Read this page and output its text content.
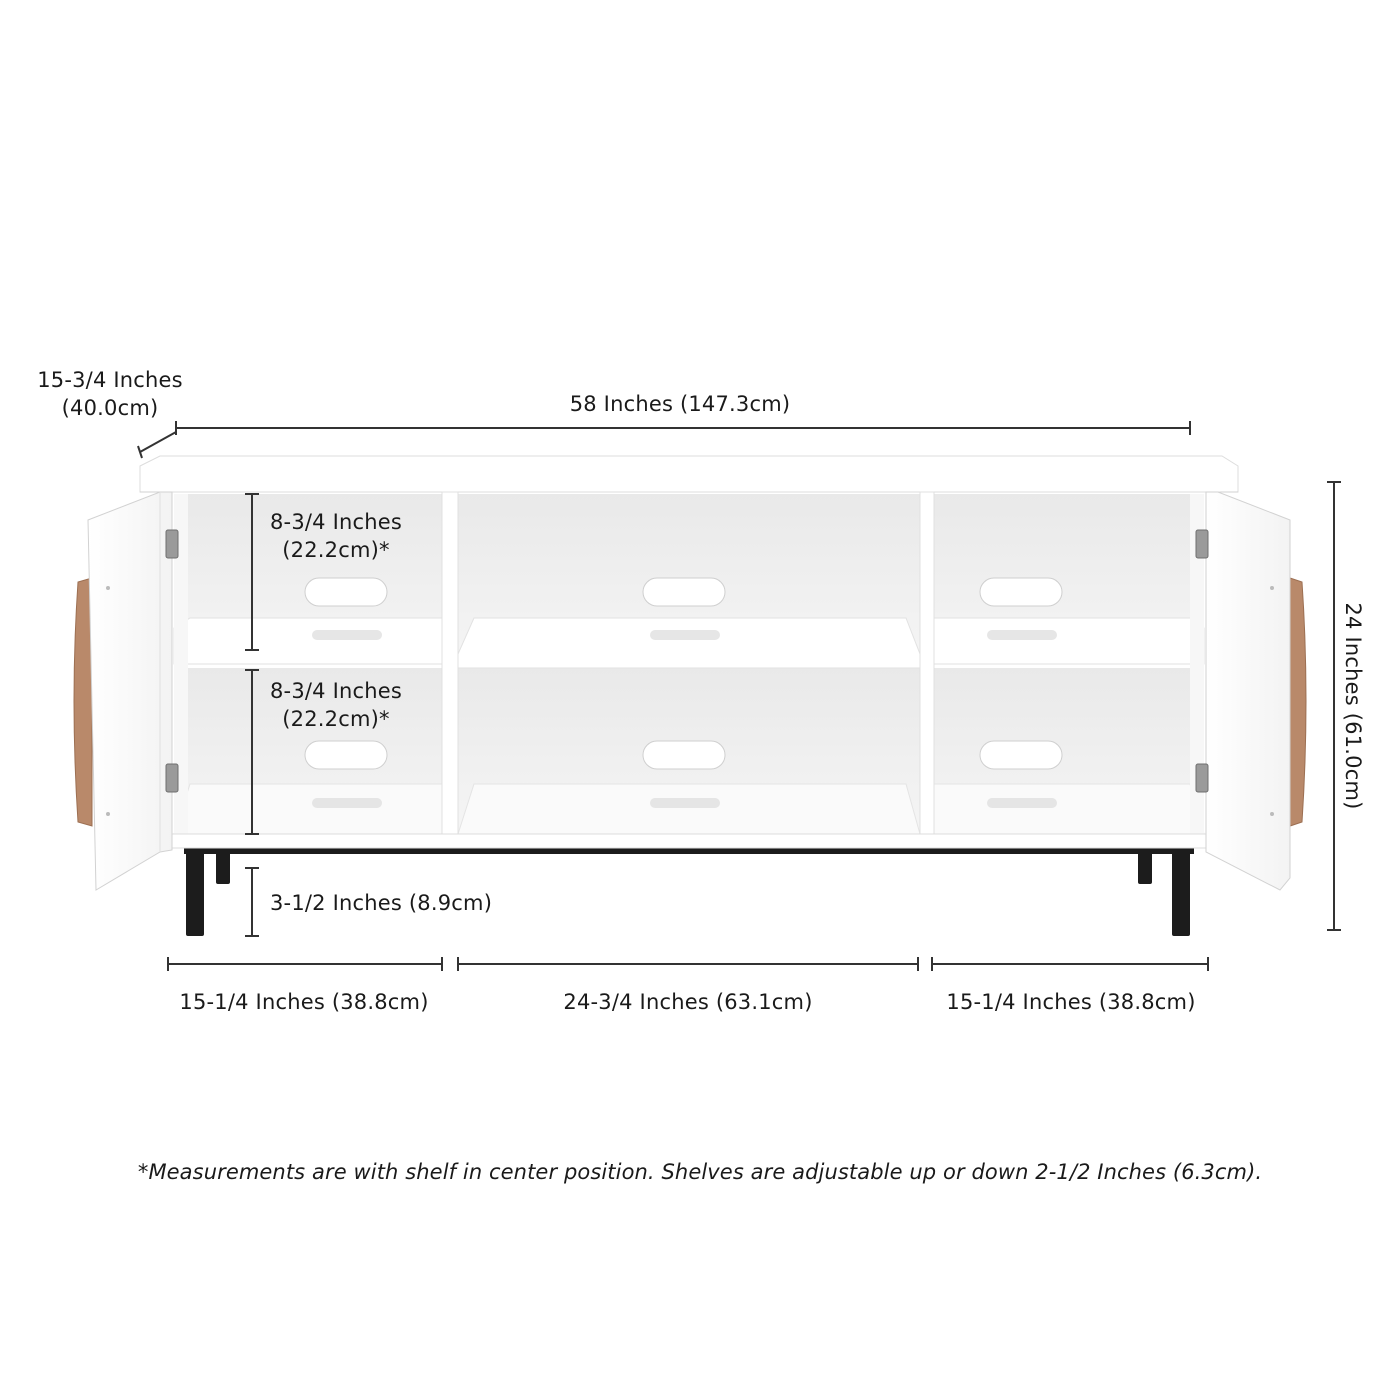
15-3/4 Inches
(40.0cm)	58 Inches (147.3cm)
24 Inches (61.0cm)
8-3/4 Inches
(22.2cm)*
8-3/4 Inches
(22.2cm)*
3-1/2 Inches (8.9cm)
15-1/4 Inches (38.8cm)	24-3/4 Inches (63.1cm)	15-1/4 Inches (38.8cm)
*Measurements are with shelf in center position. Shelves are adjustable up or down 2-1/2 Inches (6.3cm).
